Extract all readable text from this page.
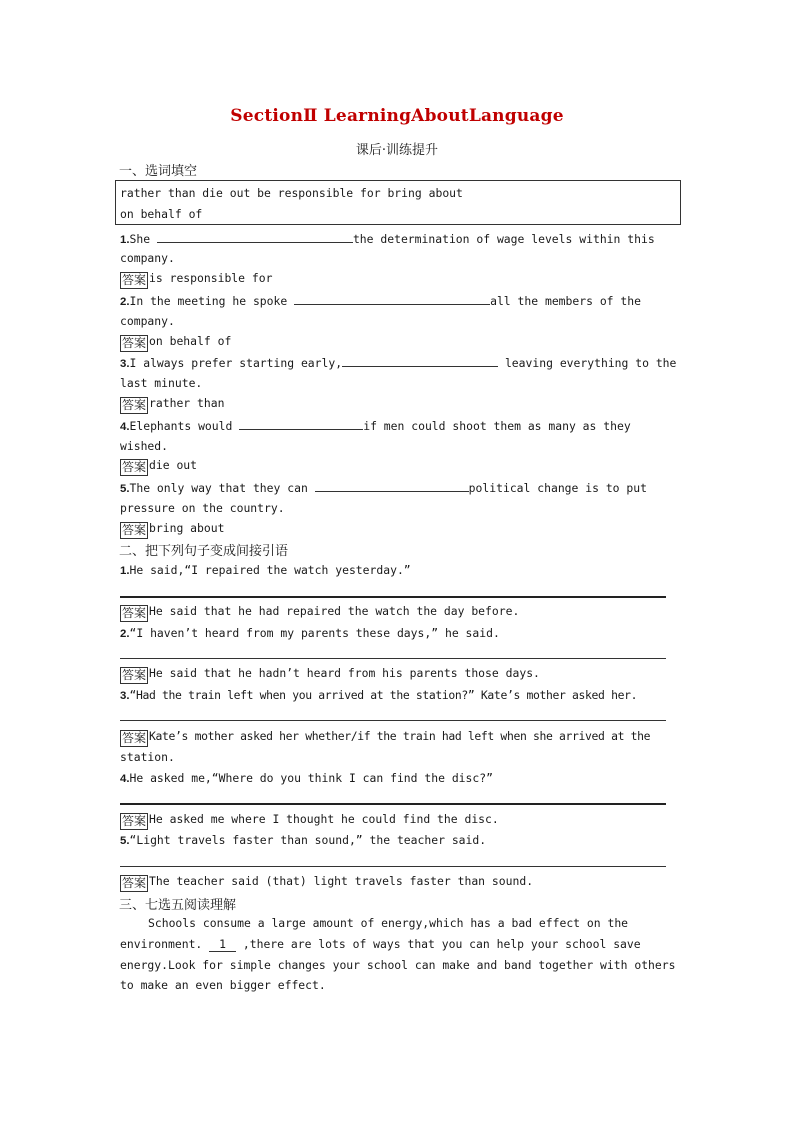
SectionⅡ LearningAboutLanguage
课后·训练提升
一、选词填空
rather than die out be responsible for bring about
on behalf of
1.She	the determination of wage levels within this
company.
答案 is responsible for
2.In the meeting he spoke	all the members of the
company.
答案 on behalf of
3.I always prefer starting early,	leaving everything to the
last minute.
答案 rather than
4.Elephants would	if men could shoot them as many as they
wished.
答案 die out
5.The only way that they can	political change is to put
pressure on the country.
答案 bring about
二、把下列句子变成间接引语
1.He said,“I repaired the watch yesterday.”
答案 He said that he had repaired the watch the day before.
2.“I haven’t heard from my parents these days,” he said.
答案 He said that he hadn’t heard from his parents those days.
3.“Had the train left when you arrived at the station?” Kate’s mother asked her.
答案 Kate’s mother asked her whether/if the train had left when she arrived at the
station.
4.He asked me,“Where do you think I can find the disc?”
答案 He asked me where I thought he could find the disc.
5.“Light travels faster than sound,” the teacher said.
答案 The teacher said (that) light travels faster than sound.
三、七选五阅读理解
Schools consume a large amount of energy,which has a bad effect on the
environment. 1 ,there are lots of ways that you can help your school save
energy.Look for simple changes your school can make and band together with others
to make an even bigger effect.
